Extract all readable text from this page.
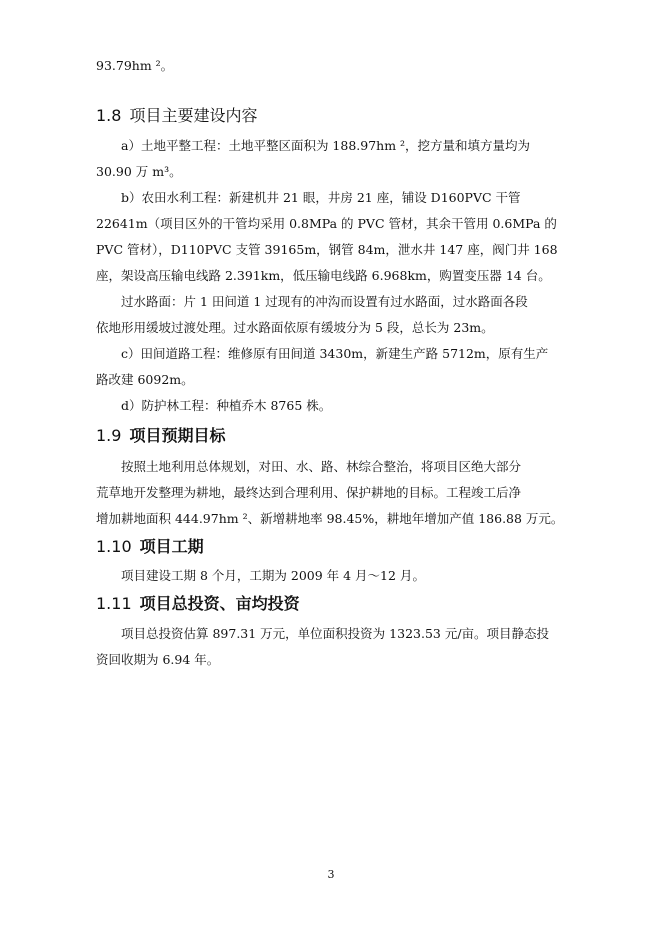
93.79hm ²。
1.8 项目主要建设内容
a）土地平整工程：土地平整区面积为 188.97hm ²，挖方量和填方量均为
30.90 万 m³。
b）农田水利工程：新建机井 21 眼，井房 21 座，铺设 D160PVC 干管
22641m（项目区外的干管均采用 0.8MPa 的 PVC 管材，其余干管用 0.6MPa 的
PVC 管材），D110PVC 支管 39165m，钢管 84m，泄水井 147 座，阀门井 168
座，架设高压输电线路 2.391km，低压输电线路 6.968km，购置变压器 14 台。
过水路面：片 1 田间道 1 过现有的冲沟而设置有过水路面，过水路面各段
依地形用缓坡过渡处理。过水路面依原有缓坡分为 5 段，总长为 23m。
c）田间道路工程：维修原有田间道 3430m，新建生产路 5712m，原有生产
路改建 6092m。
d）防护林工程：种植乔木 8765 株。
1.9 项目预期目标
按照土地利用总体规划，对田、水、路、林综合整治，将项目区绝大部分
荒草地开发整理为耕地，最终达到合理利用、保护耕地的目标。工程竣工后净
增加耕地面积 444.97hm ²、新增耕地率 98.45%，耕地年增加产值 186.88 万元。
1.10 项目工期
项目建设工期 8 个月，工期为 2009 年 4 月～12 月。
1.11 项目总投资、亩均投资
项目总投资估算 897.31 万元，单位面积投资为 1323.53 元/亩。项目静态投
资回收期为 6.94 年。
3
